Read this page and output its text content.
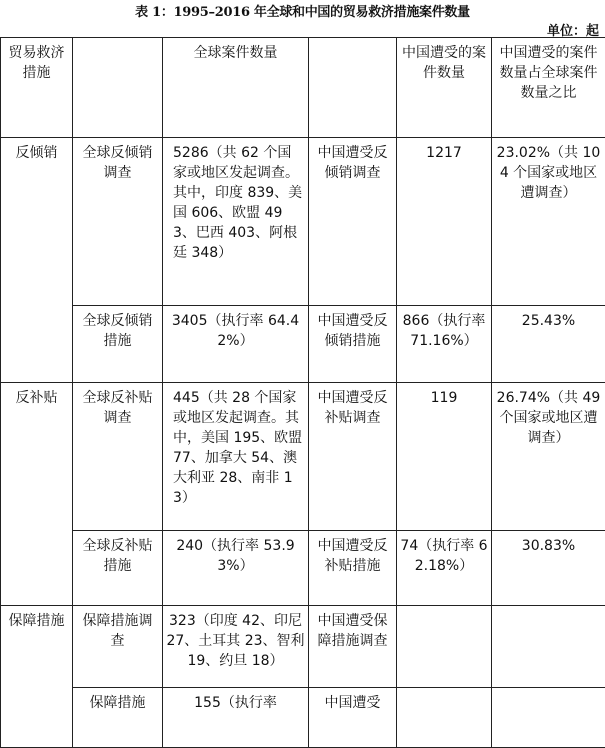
表 1：1995–2016 年全球和中国的贸易救济措施案件数量
单位：起
贸易救济措施		全球案件数量		中国遭受的案件数量	中国遭受的案件数量占全球案件数量之比
反倾销	全球反倾销调查	5286（共 62 个国家或地区发起调查。其中，印度 839、美国 606、欧盟 493、巴西 403、阿根廷 348）	中国遭受反倾销调查	1217	23.02%（共 104 个国家或地区遭调查）
	全球反倾销措施	3405（执行率 64.42%）	中国遭受反倾销措施	866（执行率 71.16%）	25.43%
反补贴	全球反补贴调查	445（共 28 个国家或地区发起调查。其中，美国 195、欧盟 77、加拿大 54、澳大利亚 28、南非 13）	中国遭受反补贴调查	119	26.74%（共 49 个国家或地区遭调查）
	全球反补贴措施	240（执行率 53.93%）	中国遭受反补贴措施	74（执行率 62.18%）	30.83%
保障措施	保障措施调查	323（印度 42、印尼 27、土耳其 23、智利 19、约旦 18）	中国遭受保障措施调查		
	保障措施	155（执行率	中国遭受		
